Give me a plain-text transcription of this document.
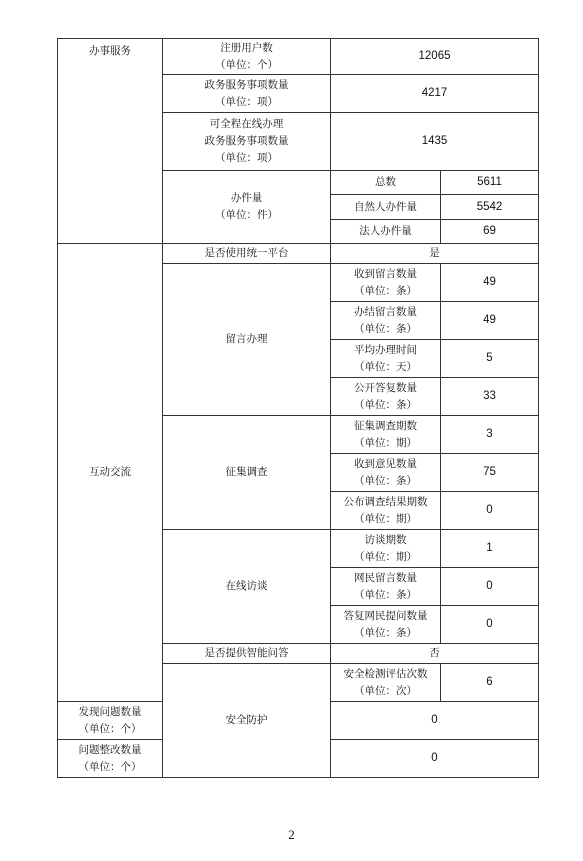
办事服务	注册用户数
（单位：个）	12065	

	政务服务事项数量
（单位：项）	4217	

	可全程在线办理
政务服务事项数量
（单位：项）	1435	

	办件量
（单位：件）	总数	5611
		自然人办件量	5542
		法人办件量	69
互动交流	是否使用统一平台	是	
	留言办理	收到留言数量
（单位：条）	49

		办结留言数量
（单位：条）	49

		平均办理时间
（单位：天）	5

		公开答复数量
（单位：条）	33
	征集调查	征集调查期数
（单位：期）	3

		收到意见数量
（单位：条）	75

		公布调查结果期数
（单位：期）	0
	在线访谈	访谈期数
（单位：期）	1

		网民留言数量
（单位：条）	0

		答复网民提问数量
（单位：条）	0
	是否提供智能问答	否	
	安全防护	安全检测评估次数
（单位：次）	6

发现问题数量
（单位：个）		0	

问题整改数量
（单位：个）		0	
2
